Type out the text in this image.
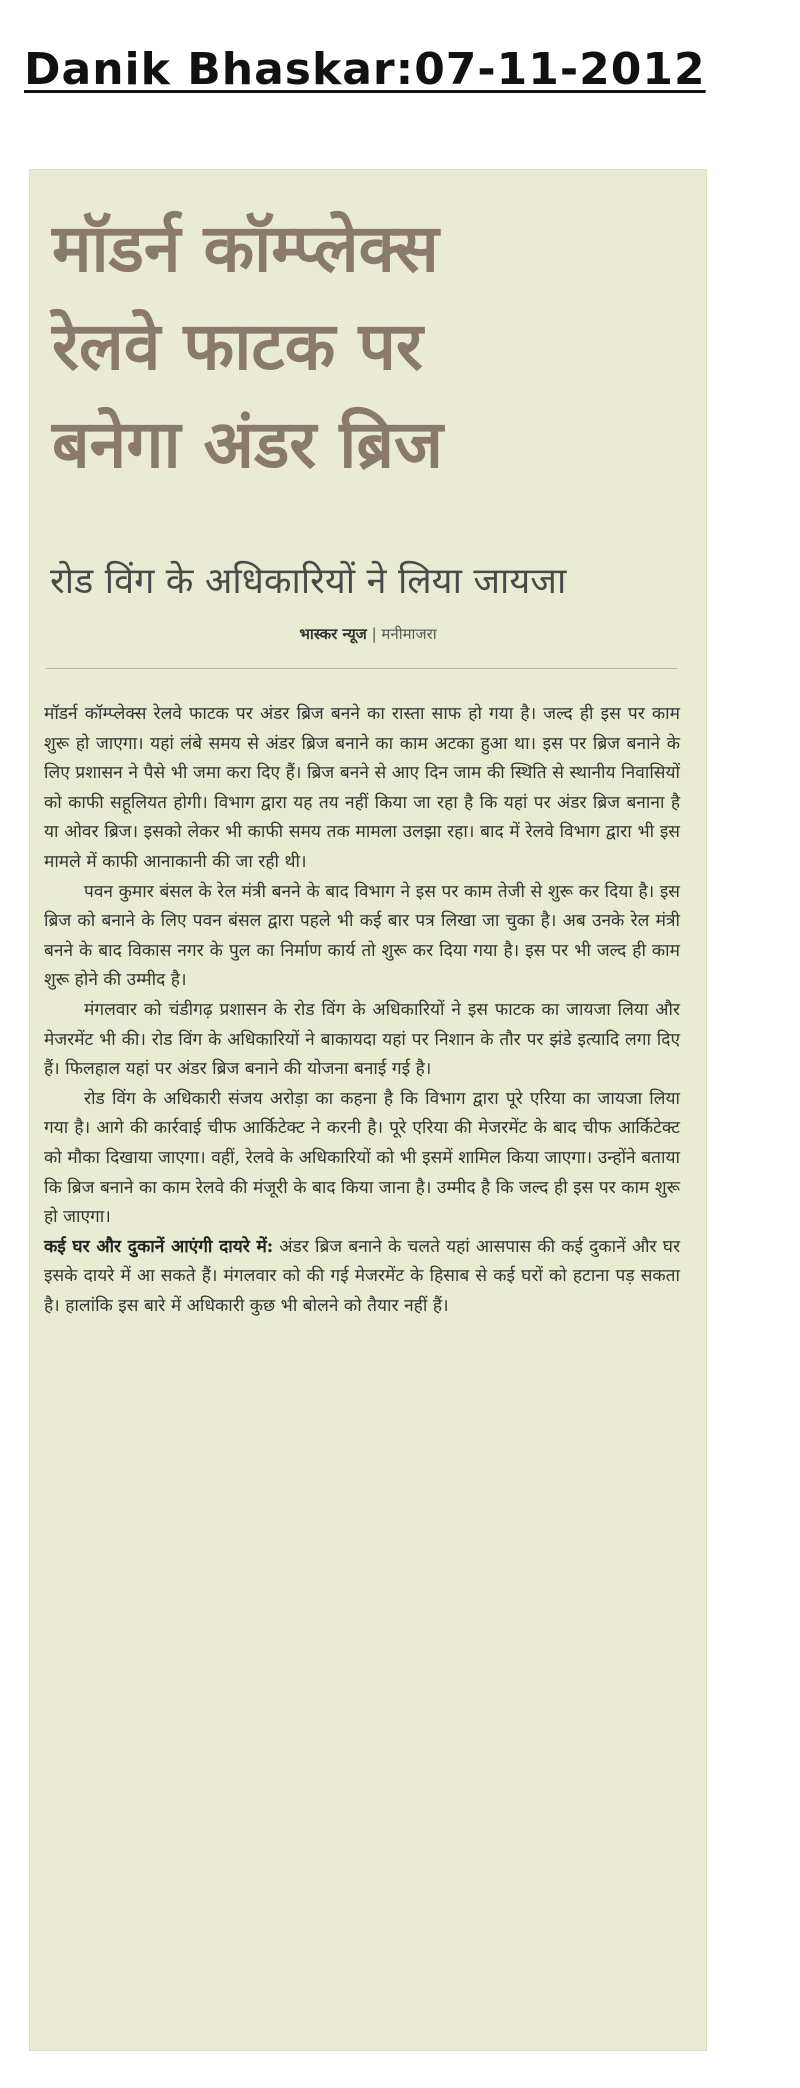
Danik Bhaskar:07-11-2012
मॉडर्न कॉम्प्लेक्स
रेलवे फाटक पर
बनेगा अंडर ब्रिज
रोड विंग के अधिकारियों ने लिया जायजा
भास्कर न्यूज | मनीमाजरा

मॉडर्न कॉम्प्लेक्स रेलवे फाटक पर अंडर ब्रिज बनने का रास्ता साफ हो गया है। जल्द ही इस पर काम शुरू हो जाएगा। यहां लंबे समय से अंडर ब्रिज बनाने का काम अटका हुआ था। इस पर ब्रिज बनाने के लिए प्रशासन ने पैसे भी जमा करा दिए हैं। ब्रिज बनने से आए दिन जाम की स्थिति से स्थानीय निवासियों को काफी सहूलियत होगी। विभाग द्वारा यह तय नहीं किया जा रहा है कि यहां पर अंडर ब्रिज बनाना है या ओवर ब्रिज। इसको लेकर भी काफी समय तक मामला उलझा रहा। बाद में रेलवे विभाग द्वारा भी इस मामले में काफी आनाकानी की जा रही थी।

पवन कुमार बंसल के रेल मंत्री बनने के बाद विभाग ने इस पर काम तेजी से शुरू कर दिया है। इस ब्रिज को बनाने के लिए पवन बंसल द्वारा पहले भी कई बार पत्र लिखा जा चुका है। अब उनके रेल मंत्री बनने के बाद विकास नगर के पुल का निर्माण कार्य तो शुरू कर दिया गया है। इस पर भी जल्द ही काम शुरू होने की उम्मीद है।

मंगलवार को चंडीगढ़ प्रशासन के रोड विंग के अधिकारियों ने इस फाटक का जायजा लिया और मेजरमेंट भी की। रोड विंग के अधिकारियों ने बाकायदा यहां पर निशान के तौर पर झंडे इत्यादि लगा दिए हैं। फिलहाल यहां पर अंडर ब्रिज बनाने की योजना बनाई गई है।

रोड विंग के अधिकारी संजय अरोड़ा का कहना है कि विभाग द्वारा पूरे एरिया का जायजा लिया गया है। आगे की कार्रवाई चीफ आर्किटेक्ट ने करनी है। पूरे एरिया की मेजरमेंट के बाद चीफ आर्किटेक्ट को मौका दिखाया जाएगा। वहीं, रेलवे के अधिकारियों को भी इसमें शामिल किया जाएगा। उन्होंने बताया कि ब्रिज बनाने का काम रेलवे की मंजूरी के बाद किया जाना है। उम्मीद है कि जल्द ही इस पर काम शुरू हो जाएगा।

कई घर और दुकानें आएंगी दायरे में: अंडर ब्रिज बनाने के चलते यहां आसपास की कई दुकानें और घर इसके दायरे में आ सकते हैं। मंगलवार को की गई मेजरमेंट के हिसाब से कई घरों को हटाना पड़ सकता है। हालांकि इस बारे में अधिकारी कुछ भी बोलने को तैयार नहीं हैं।
